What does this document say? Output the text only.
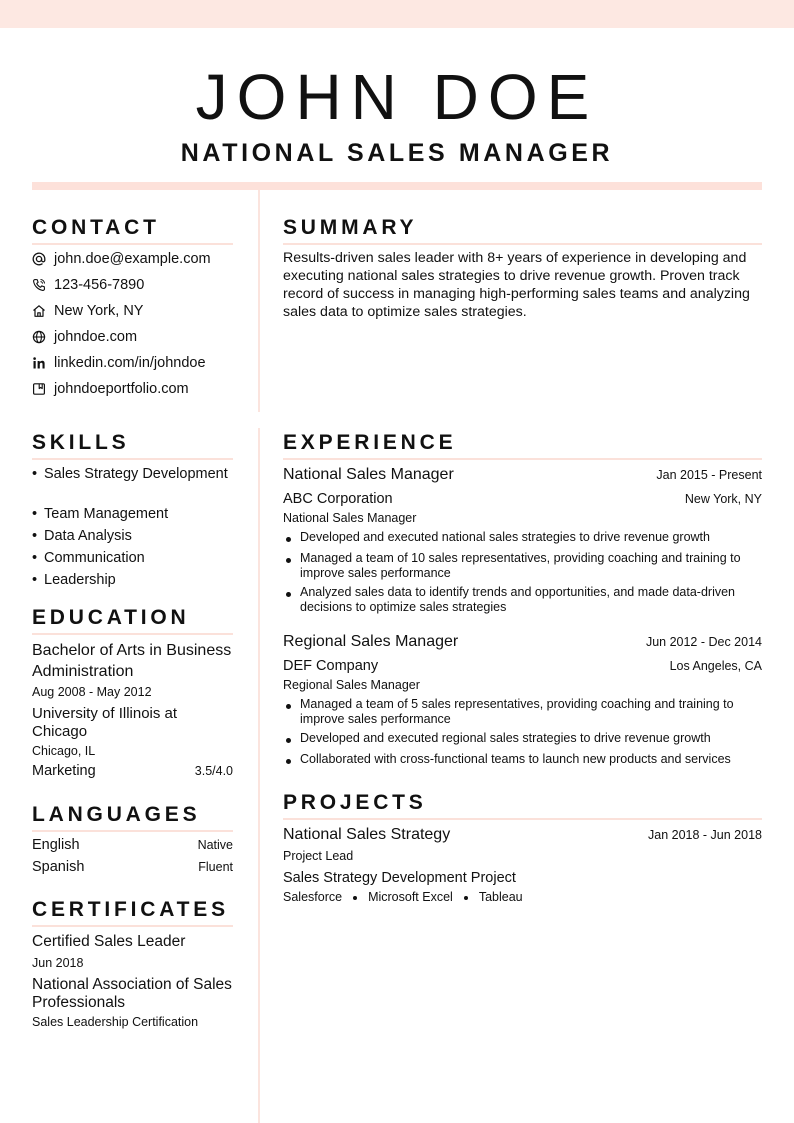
JOHN DOE
NATIONAL SALES MANAGER
CONTACT
john.doe@example.com
123-456-7890
New York, NY
johndoe.com
linkedin.com/in/johndoe
johndoeportfolio.com
SUMMARY
Results-driven sales leader with 8+ years of experience in developing and executing national sales strategies to drive revenue growth. Proven track record of success in managing high-performing sales teams and analyzing sales data to optimize sales strategies.
SKILLS
• Sales Strategy Development
• Team Management
• Data Analysis
• Communication
• Leadership
EDUCATION
Bachelor of Arts in Business Administration
Aug 2008 - May 2012
University of Illinois at Chicago
Chicago, IL
Marketing	3.5/4.0
LANGUAGES
English	Native
Spanish	Fluent
CERTIFICATES
Certified Sales Leader
Jun 2018
National Association of Sales Professionals
Sales Leadership Certification
EXPERIENCE
National Sales Manager	Jan 2015 - Present
ABC Corporation	New York, NY
National Sales Manager
Developed and executed national sales strategies to drive revenue growth
Managed a team of 10 sales representatives, providing coaching and training to improve sales performance
Analyzed sales data to identify trends and opportunities, and made data-driven decisions to optimize sales strategies
Regional Sales Manager	Jun 2012 - Dec 2014
DEF Company	Los Angeles, CA
Regional Sales Manager
Managed a team of 5 sales representatives, providing coaching and training to improve sales performance
Developed and executed regional sales strategies to drive revenue growth
Collaborated with cross-functional teams to launch new products and services
PROJECTS
National Sales Strategy	Jan 2018 - Jun 2018
Project Lead
Sales Strategy Development Project
Salesforce Microsoft Excel Tableau
